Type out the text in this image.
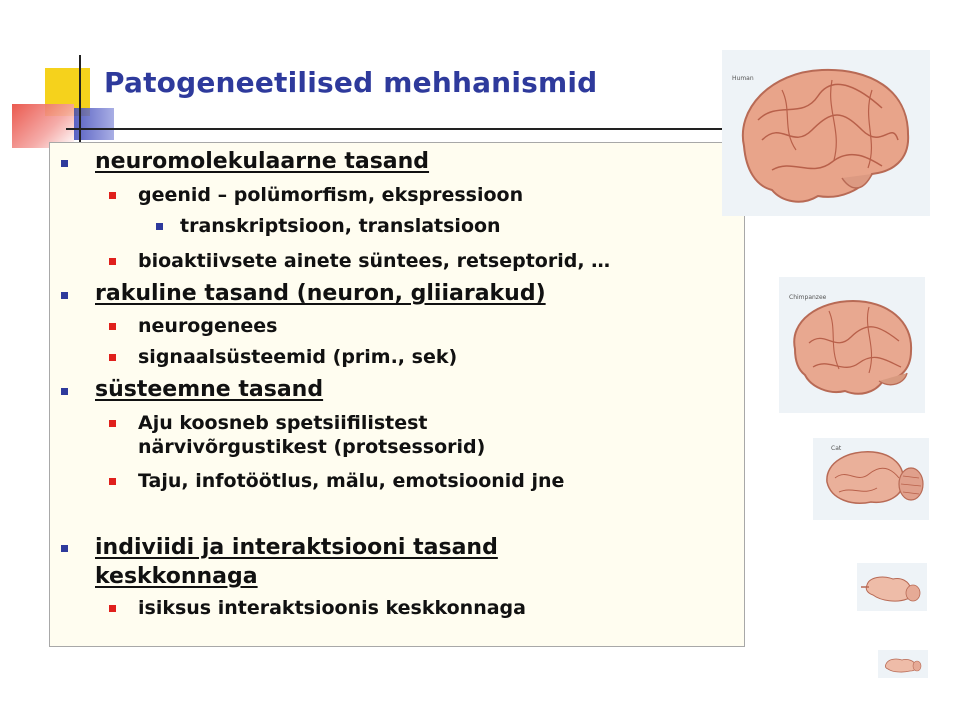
Patogeneetilised mehhanismid
neuromolekulaarne tasand
geenid – polümorfism, ekspressioon
transkriptsioon, translatsioon
bioaktiivsete ainete süntees, retseptorid, …
rakuline tasand (neuron, gliiarakud)
neurogenees
signaalsüsteemid (prim., sek)
süsteemne tasand
Aju koosneb spetsiifilistest närvivõrgustikest (protsessorid)
Taju, infotöötlus, mälu, emotsioonid jne
indiviidi ja interaktsiooni tasand keskkonnaga
isiksus interaktsioonis keskkonnaga
Human
Chimpanzee
Cat
